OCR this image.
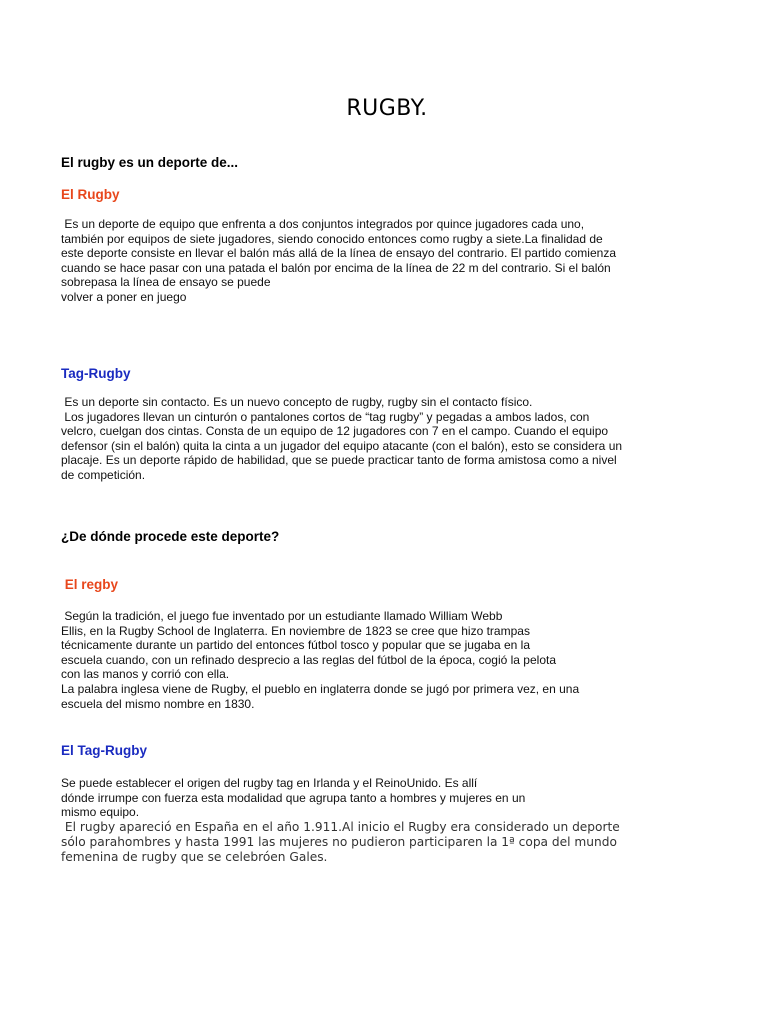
RUGBY.
El rugby es un deporte de...
El Rugby
Es un deporte de equipo que enfrenta a dos conjuntos integrados por quince jugadores cada uno,
también por equipos de siete jugadores, siendo conocido entonces como rugby a siete.La finalidad de
este deporte consiste en llevar el balón más allá de la línea de ensayo del contrario. El partido comienza
cuando se hace pasar con una patada el balón por encima de la línea de 22 m del contrario. Si el balón
sobrepasa la línea de ensayo se puede
volver a poner en juego
Tag-Rugby
Es un deporte sin contacto. Es un nuevo concepto de rugby, rugby sin el contacto físico.
Los jugadores llevan un cinturón o pantalones cortos de “tag rugby” y pegadas a ambos lados, con
velcro, cuelgan dos cintas. Consta de un equipo de 12 jugadores con 7 en el campo. Cuando el equipo
defensor (sin el balón) quita la cinta a un jugador del equipo atacante (con el balón), esto se considera un
placaje. Es un deporte rápido de habilidad, que se puede practicar tanto de forma amistosa como a nivel
de competición.
¿De dónde procede este deporte?
El regby
Según la tradición, el juego fue inventado por un estudiante llamado William Webb
Ellis, en la Rugby School de Inglaterra. En noviembre de 1823 se cree que hizo trampas
técnicamente durante un partido del entonces fútbol tosco y popular que se jugaba en la
escuela cuando, con un refinado desprecio a las reglas del fútbol de la época, cogió la pelota
con las manos y corrió con ella.
La palabra inglesa viene de Rugby, el pueblo en inglaterra donde se jugó por primera vez, en una
escuela del mismo nombre en 1830.
El Tag-Rugby
Se puede establecer el origen del rugby tag en Irlanda y el ReinoUnido. Es allí
dónde irrumpe con fuerza esta modalidad que agrupa tanto a hombres y mujeres en un
mismo equipo.
El rugby apareció en España en el año 1.911.Al inicio el Rugby era considerado un deporte
sólo parahombres y hasta 1991 las mujeres no pudieron participaren la 1ª copa del mundo
femenina de rugby que se celebróen Gales.
